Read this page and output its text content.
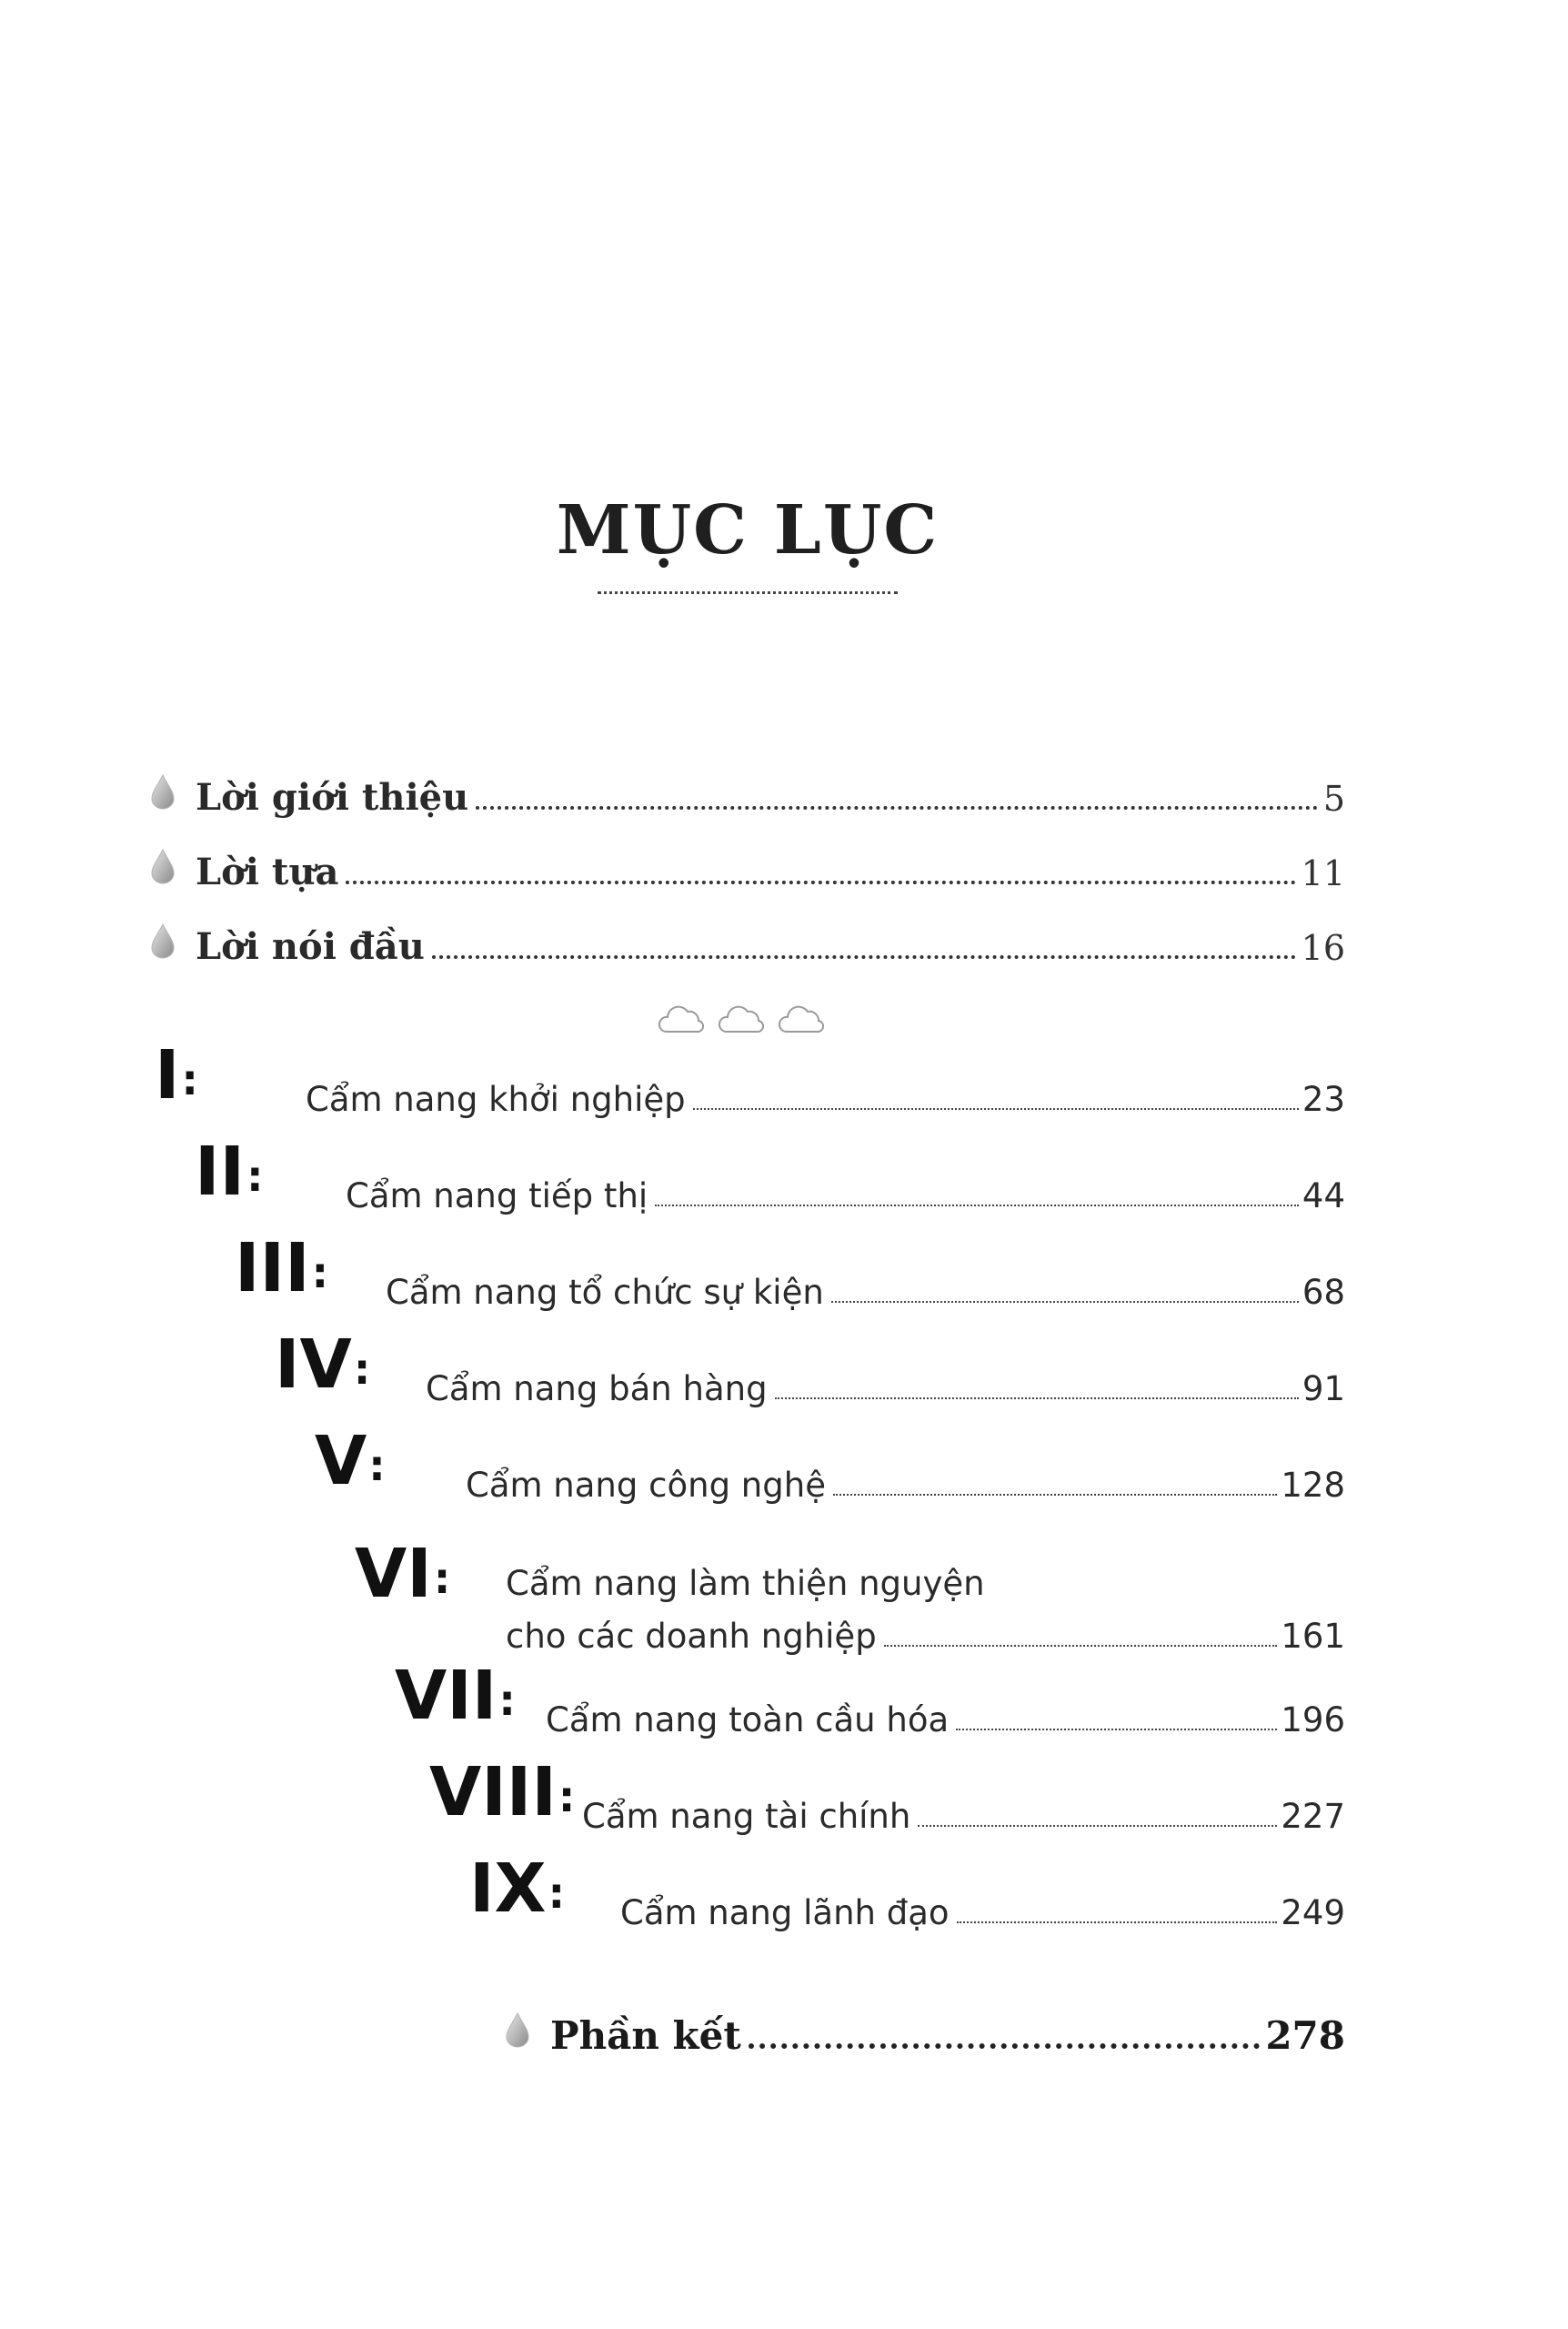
MỤC LỤC
Lời giới thiệu	5
Lời tựa	11
Lời nói đầu	16
I:	Cẩm nang khởi nghiệp	23
II: Cẩm nang tiếp thị	44
III: Cẩm nang tổ chức sự kiện	68
IV: Cẩm nang bán hàng	91
V: Cẩm nang công nghệ	128
VI: Cẩm nang làm thiện nguyện
cho các doanh nghiệp	161
VII: Cẩm nang toàn cầu hóa	196
VIII: Cẩm nang tài chính	227
IX: Cẩm nang lãnh đạo	249
Phần kết	278
